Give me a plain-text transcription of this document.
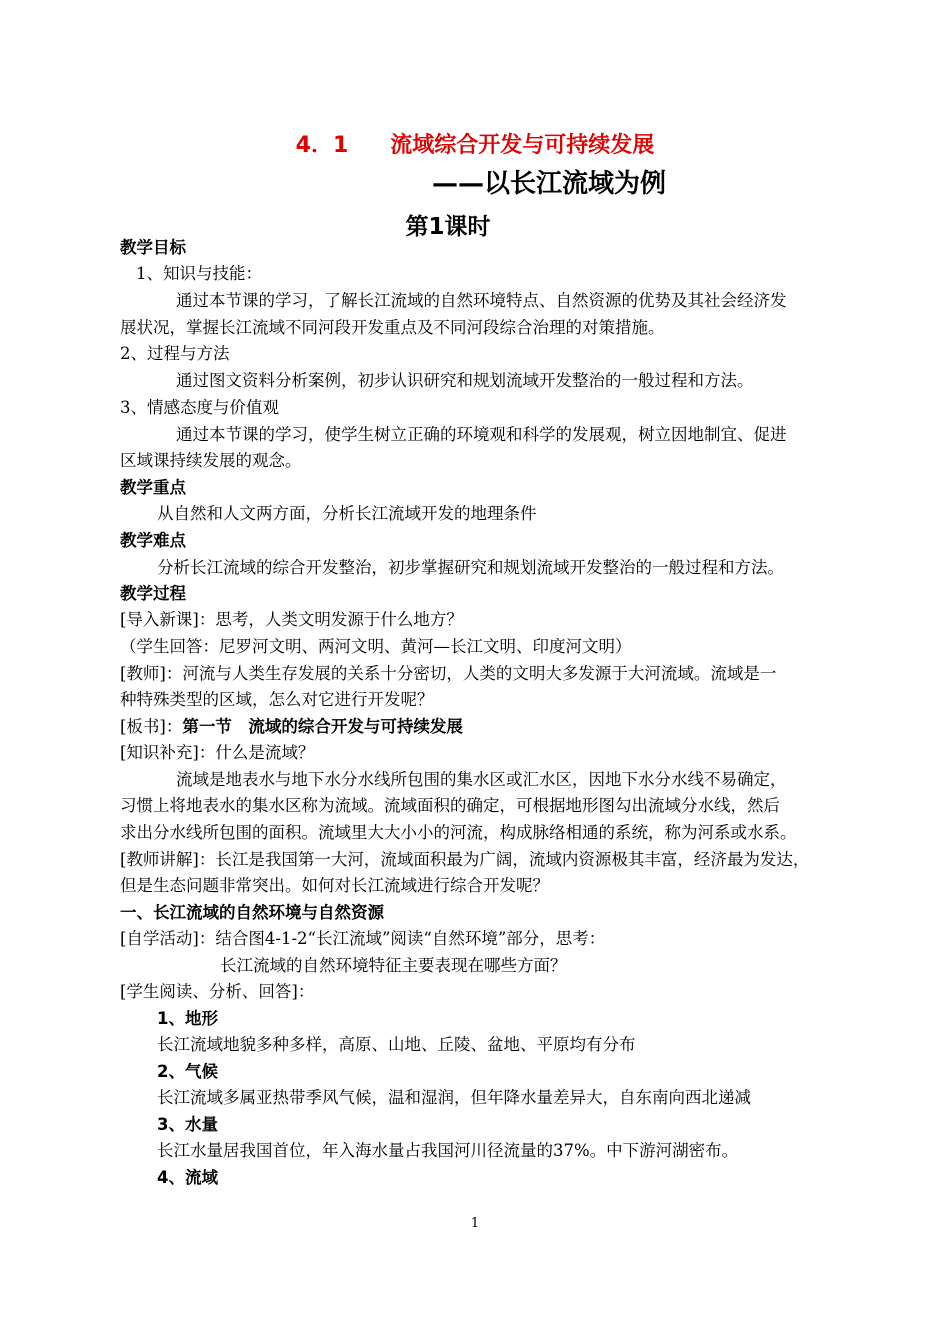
4．1 流域综合开发与可持续发展
——以长江流域为例
第1课时
教学目标
1、知识与技能：
通过本节课的学习，了解长江流域的自然环境特点、自然资源的优势及其社会经济发
展状况，掌握长江流域不同河段开发重点及不同河段综合治理的对策措施。
2、过程与方法
通过图文资料分析案例，初步认识研究和规划流域开发整治的一般过程和方法。
3、情感态度与价值观
通过本节课的学习，使学生树立正确的环境观和科学的发展观，树立因地制宜、促进
区域课持续发展的观念。
教学重点
从自然和人文两方面，分析长江流域开发的地理条件
教学难点
分析长江流域的综合开发整治，初步掌握研究和规划流域开发整治的一般过程和方法。
教学过程
[导入新课]：思考，人类文明发源于什么地方？
（学生回答：尼罗河文明、两河文明、黄河—长江文明、印度河文明）
[教师]：河流与人类生存发展的关系十分密切，人类的文明大多发源于大河流域。流域是一
种特殊类型的区域，怎么对它进行开发呢？
[板书]：第一节　流域的综合开发与可持续发展
[知识补充]：什么是流域？
流域是地表水与地下水分水线所包围的集水区或汇水区，因地下水分水线不易确定，
习惯上将地表水的集水区称为流域。流域面积的确定，可根据地形图勾出流域分水线，然后
求出分水线所包围的面积。流域里大大小小的河流，构成脉络相通的系统，称为河系或水系。
[教师讲解]：长江是我国第一大河，流域面积最为广阔，流域内资源极其丰富，经济最为发达，
但是生态问题非常突出。如何对长江流域进行综合开发呢？
一、长江流域的自然环境与自然资源
[自学活动]：结合图4-1-2“长江流域”阅读“自然环境”部分，思考：
长江流域的自然环境特征主要表现在哪些方面？
[学生阅读、分析、回答]：
1、地形
长江流域地貌多种多样，高原、山地、丘陵、盆地、平原均有分布
2、气候
长江流域多属亚热带季风气候，温和湿润，但年降水量差异大，自东南向西北递减
3、水量
长江水量居我国首位，年入海水量占我国河川径流量的37%。中下游河湖密布。
4、流域
1
